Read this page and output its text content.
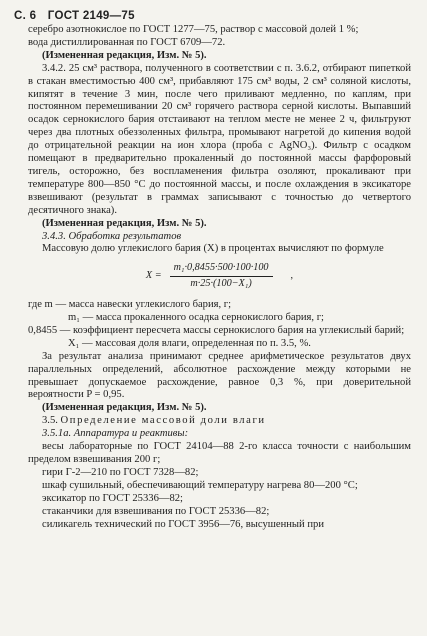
С. 6 ГОСТ 2149—75

серебро азотнокислое по ГОСТ 1277—75, раствор с массовой долей 1 %;

вода дистиллированная по ГОСТ 6709—72.

(Измененная редакция, Изм. № 5).

3.4.2. 25 см³ раствора, полученного в соответствии с п. 3.6.2, отбирают пипеткой в стакан вместимостью 400 см³, прибавляют 175 см³ воды, 2 см³ соляной кислоты, кипятят в течение 3 мин, после чего приливают медленно, по каплям, при постоянном перемешивании 20 см³ горячего раствора серной кислоты. Выпавший осадок сернокислого бария отстаивают на теплом месте не менее 2 ч, фильтруют через два плотных обеззоленных фильтра, промывают нагретой до кипения водой до отрицательной реакции на ион хлора (проба с AgNO₃). Фильтр с осадком помещают в предварительно прокаленный до постоянной массы фарфоровый тигель, осторожно, без воспламенения фильтра озоляют, прокаливают при температуре 800—850 °С до постоянной массы, и после охлаждения в эксикаторе взвешивают (результат в граммах записывают с точностью до четвертого десятичного знака).

(Измененная редакция, Изм. № 5).

3.4.3. Обработка результатов

Массовую долю углекислого бария (X) в процентах вычисляют по формуле

$X = \frac{\text{m₁·0,8455·500·100·100}}{\text{m·25·(100−X₁)}}$ ,

где m — масса навески углекислого бария, г;

m₁ — масса прокаленного осадка сернокислого бария, г;

0,8455 — коэффициент пересчета массы сернокислого бария на углекислый барий;

X₁ — массовая доля влаги, определенная по п. 3.5, %.

За результат анализа принимают среднее арифметическое результатов двух параллельных определений, абсолютное расхождение между которыми не превышает допускаемое расхождение, равное 0,3 %, при доверительной вероятности P = 0,95.

(Измененная редакция, Изм. № 5).

3.5. Определение массовой доли влаги

3.5.1а. Аппаратура и реактивы:

весы лабораторные по ГОСТ 24104—88 2-го класса точности с наибольшим пределом взвешивания 200 г;

гири Г-2—210 по ГОСТ 7328—82;

шкаф сушильный, обеспечивающий температуру нагрева 80—200 °С;

эксикатор по ГОСТ 25336—82;

стаканчики для взвешивания по ГОСТ 25336—82;

силикагель технический по ГОСТ 3956—76, высушенный при
